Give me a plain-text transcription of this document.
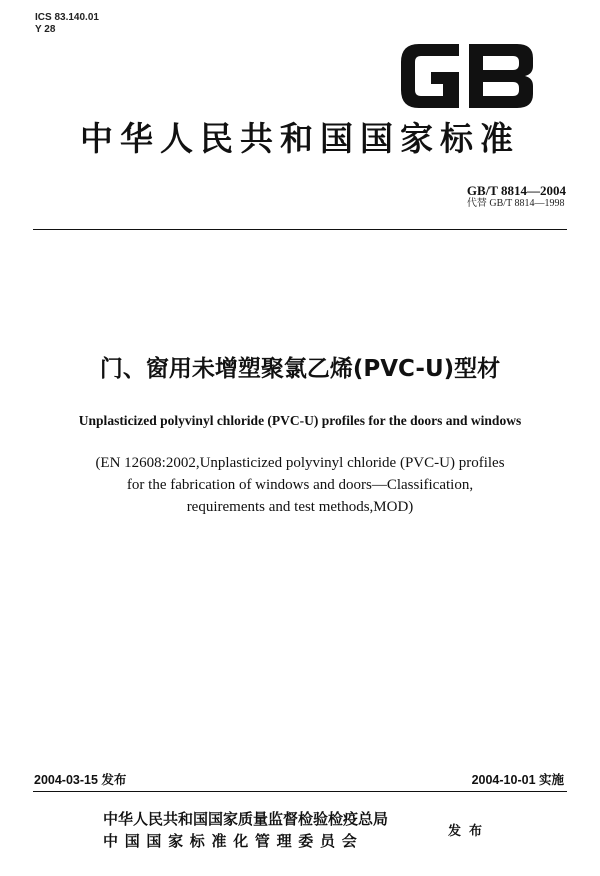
ICS 83.140.01
Y 28
中华人民共和国国家标准
GB/T 8814—2004
代替 GB/T 8814—1998
门、窗用未增塑聚氯乙烯(PVC-U)型材
Unplasticized polyvinyl chloride (PVC-U) profiles for the doors and windows
(EN 12608:2002,Unplasticized polyvinyl chloride (PVC-U) profiles
for the fabrication of windows and doors—Classification,
requirements and test methods,MOD)
2004-03-15 发布	2004-10-01 实施
中华人民共和国国家质量监督检验检疫总局
中国国家标准化管理委员会
发布
